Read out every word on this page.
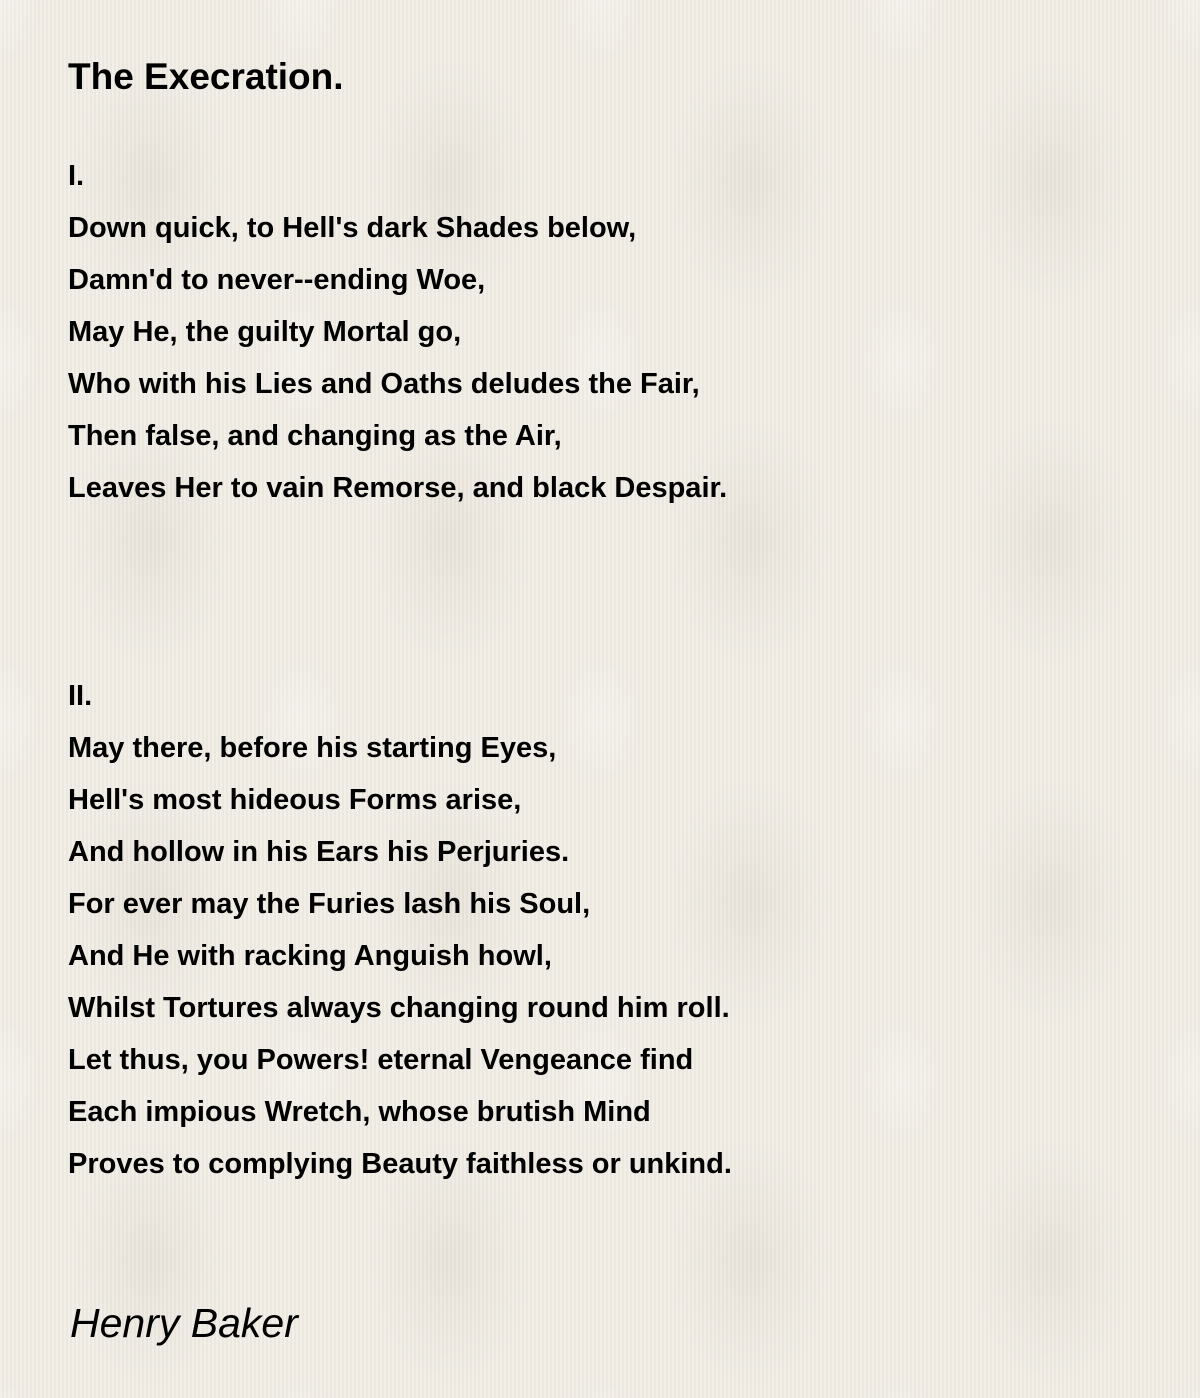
The Execration.
I.
Down quick, to Hell's dark Shades below,
Damn'd to never--ending Woe,
May He, the guilty Mortal go,
Who with his Lies and Oaths deludes the Fair,
Then false, and changing as the Air,
Leaves Her to vain Remorse, and black Despair.
II.
May there, before his starting Eyes,
Hell's most hideous Forms arise,
And hollow in his Ears his Perjuries.
For ever may the Furies lash his Soul,
And He with racking Anguish howl,
Whilst Tortures always changing round him roll.
Let thus, you Powers! eternal Vengeance find
Each impious Wretch, whose brutish Mind
Proves to complying Beauty faithless or unkind.

Henry Baker
